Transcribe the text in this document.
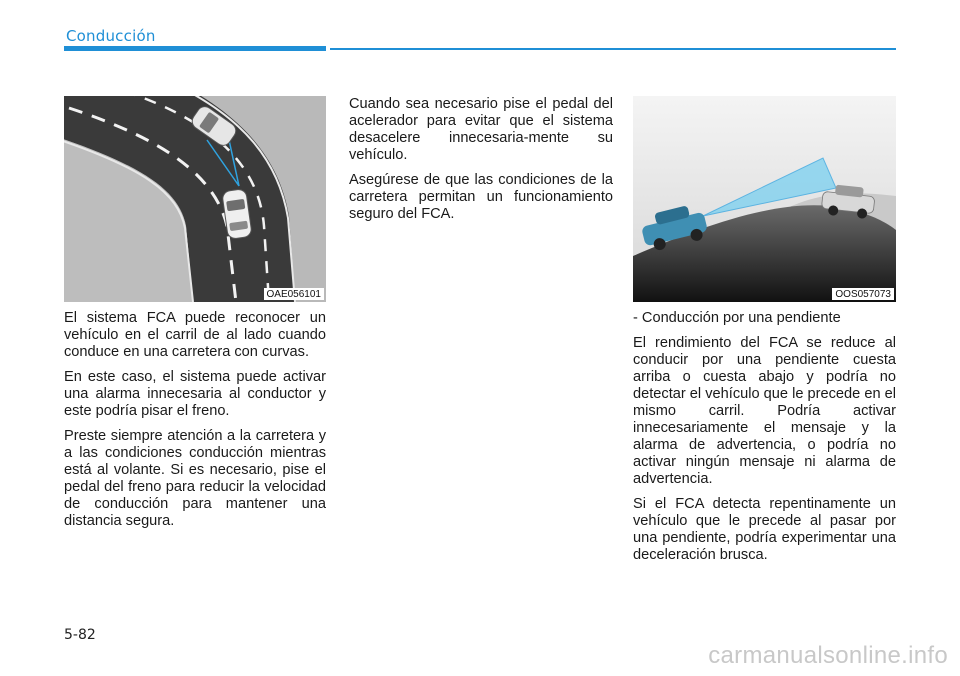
Conducción
OAE056101	OOS057073

El sistema FCA puede reconocer un vehículo en el carril de al lado cuando conduce en una carretera con curvas.

En este caso, el sistema puede activar una alarma innecesaria al conductor y este podría pisar el freno.

Preste siempre atención a la carretera y a las condiciones conducción mientras está al volante. Si es necesario, pise el pedal del freno para reducir la velocidad de conducción para mantener una distancia segura.

Cuando sea necesario pise el pedal del acelerador para evitar que el sistema desacelere innecesaria-mente su vehículo.

Asegúrese de que las condiciones de la carretera permitan un funcionamiento seguro del FCA.

- Conducción por una pendiente

El rendimiento del FCA se reduce al conducir por una pendiente cuesta arriba o cuesta abajo y podría no detectar el vehículo que le precede en el mismo carril. Podría activar innecesariamente el mensaje y la alarma de advertencia, o podría no activar ningún mensaje ni alarma de advertencia.

Si el FCA detecta repentinamente un vehículo que le precede al pasar por una pendiente, podría experimentar una deceleración brusca.

5-82
carmanualsonline.info
